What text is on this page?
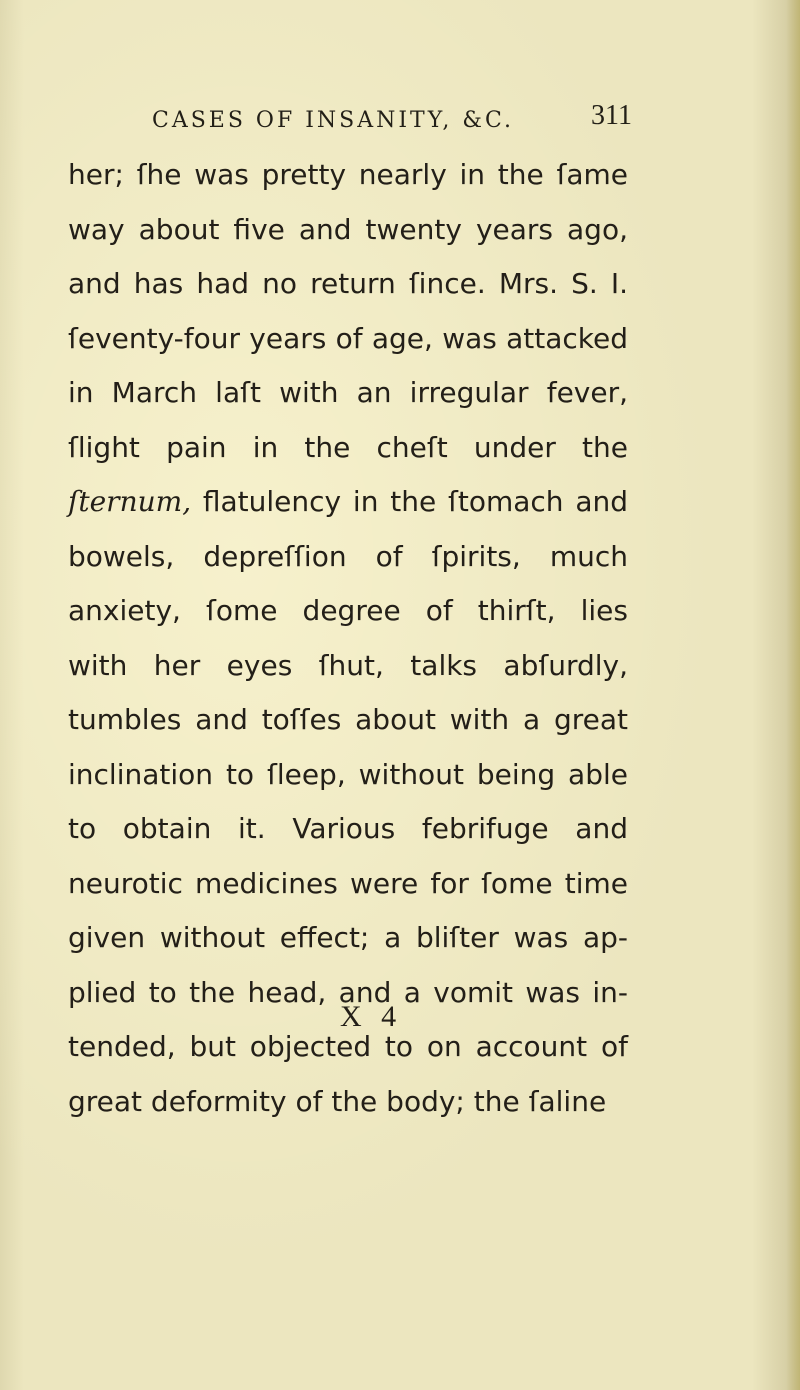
CASES OF INSANITY, &C.	311
her; ſhe was pretty nearly in the ſame
way about five and twenty years ago,
and has had no return ſince. Mrs. S. I.
ſeventy-four years of age, was attacked
in March laſt with an irregular fever,
ſlight pain in the cheſt under the
ſternum, flatulency in the ſtomach and
bowels, depreſſion of ſpirits, much
anxiety, ſome degree of thirſt, lies
with her eyes ſhut, talks abſurdly,
tumbles and toſſes about with a great
inclination to ſleep, without being able
to obtain it. Various febrifuge and
neurotic medicines were for ſome time
given without effect; a bliſter was ap-
plied to the head, and a vomit was in-
tended, but objected to on account of
great deformity of the body; the ſaline
X 4
